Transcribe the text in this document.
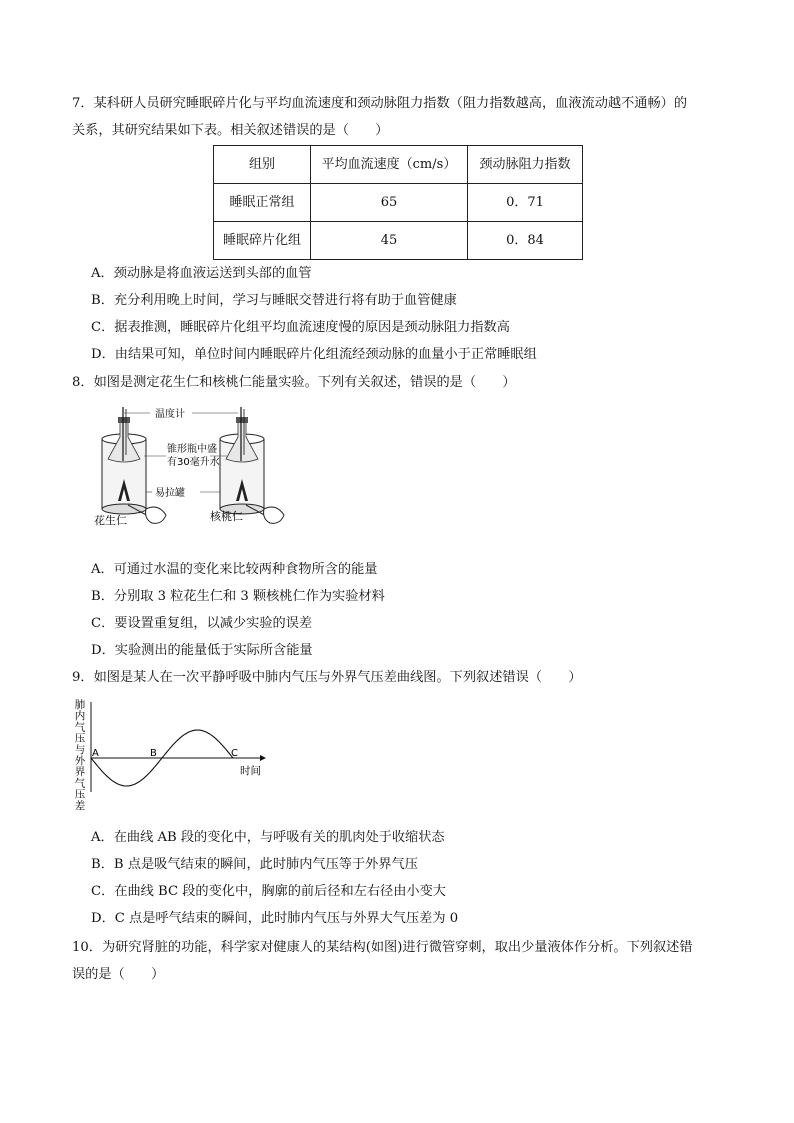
7．某科研人员研究睡眠碎片化与平均血流速度和颈动脉阻力指数（阻力指数越高，血液流动越不通畅）的
关系，其研究结果如下表。相关叙述错误的是（　　）
组别	平均血流速度（cm/s）	颈动脉阻力指数
睡眠正常组	65	0．71
睡眠碎片化组	45	0．84
A．颈动脉是将血液运送到头部的血管
B．充分利用晚上时间，学习与睡眠交替进行将有助于血管健康
C．据表推测，睡眠碎片化组平均血流速度慢的原因是颈动脉阻力指数高
D．由结果可知，单位时间内睡眠碎片化组流经颈动脉的血量小于正常睡眠组
8．如图是测定花生仁和核桃仁能量实验。下列有关叙述，错误的是（　　）
温度计
锥形瓶中盛
有30毫升水
易拉罐
花生仁	核桃仁
A．可通过水温的变化来比较两种食物所含的能量
B．分别取 3 粒花生仁和 3 颗核桃仁作为实验材料
C．要设置重复组，以减少实验的误差
D．实验测出的能量低于实际所含能量
9．如图是某人在一次平静呼吸中肺内气压与外界气压差曲线图。下列叙述错误（　　）
肺内气压与外界气压差
A	B	C
时间
A．在曲线 AB 段的变化中，与呼吸有关的肌肉处于收缩状态
B．B 点是吸气结束的瞬间，此时肺内气压等于外界气压
C．在曲线 BC 段的变化中，胸廓的前后径和左右径由小变大
D．C 点是呼气结束的瞬间，此时肺内气压与外界大气压差为 0
10．为研究肾脏的功能，科学家对健康人的某结构(如图)进行微管穿刺，取出少量液体作分析。下列叙述错
误的是（　　）
